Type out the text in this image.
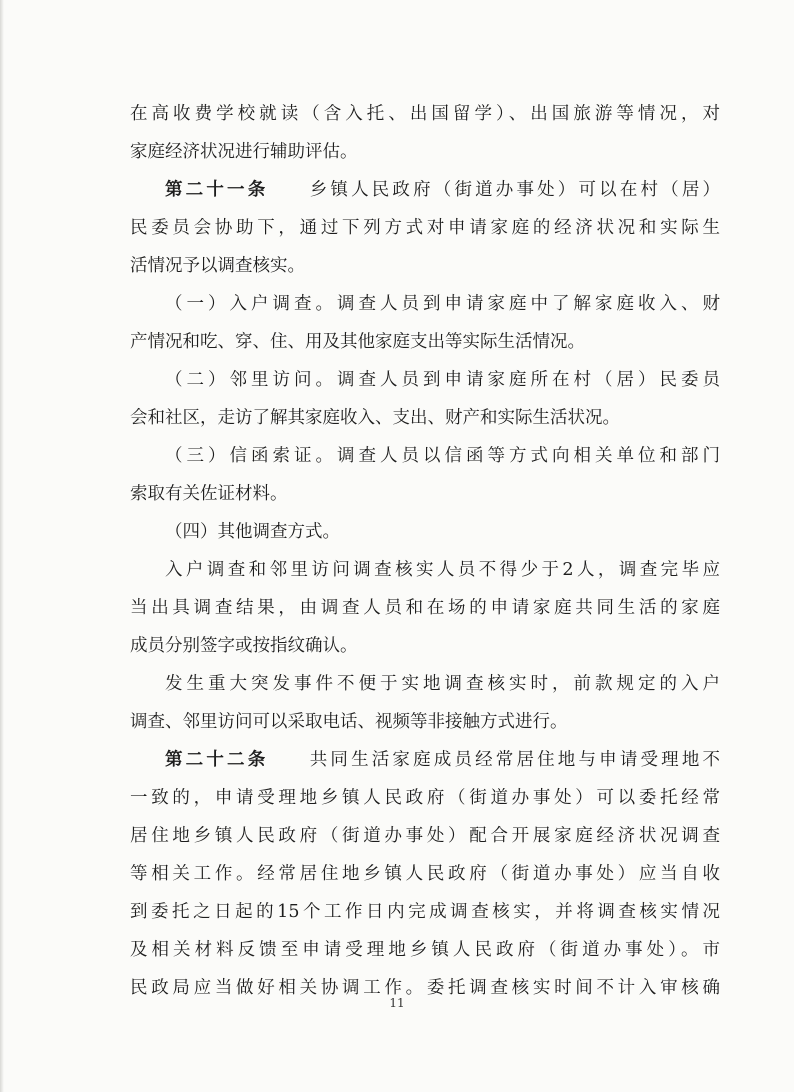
在高收费学校就读（含入托、出国留学）、出国旅游等情况，对
家庭经济状况进行辅助评估。
第二十一条　　 乡镇人民政府（街道办事处）可以在村（居）
民委员会协助下，通过下列方式对申请家庭的经济状况和实际生
活情况予以调查核实。
（一）入户调查。调查人员到申请家庭中了解家庭收入、财
产情况和吃、穿、住、用及其他家庭支出等实际生活情况。
（二）邻里访问。调查人员到申请家庭所在村（居）民委员
会和社区，走访了解其家庭收入、支出、财产和实际生活状况。
（三）信函索证。调查人员以信函等方式向相关单位和部门
索取有关佐证材料。
（四）其他调查方式。
入户调查和邻里访问调查核实人员不得少于2人，调查完毕应
当出具调查结果，由调查人员和在场的申请家庭共同生活的家庭
成员分别签字或按指纹确认。
发生重大突发事件不便于实地调查核实时，前款规定的入户
调查、邻里访问可以采取电话、视频等非接触方式进行。
第二十二条　　 共同生活家庭成员经常居住地与申请受理地不
一致的，申请受理地乡镇人民政府（街道办事处）可以委托经常
居住地乡镇人民政府（街道办事处）配合开展家庭经济状况调查
等相关工作。经常居住地乡镇人民政府（街道办事处）应当自收
到委托之日起的15个工作日内完成调查核实，并将调查核实情况
及相关材料反馈至申请受理地乡镇人民政府（街道办事处）。市
民政局应当做好相关协调工作。委托调查核实时间不计入审核确
11
